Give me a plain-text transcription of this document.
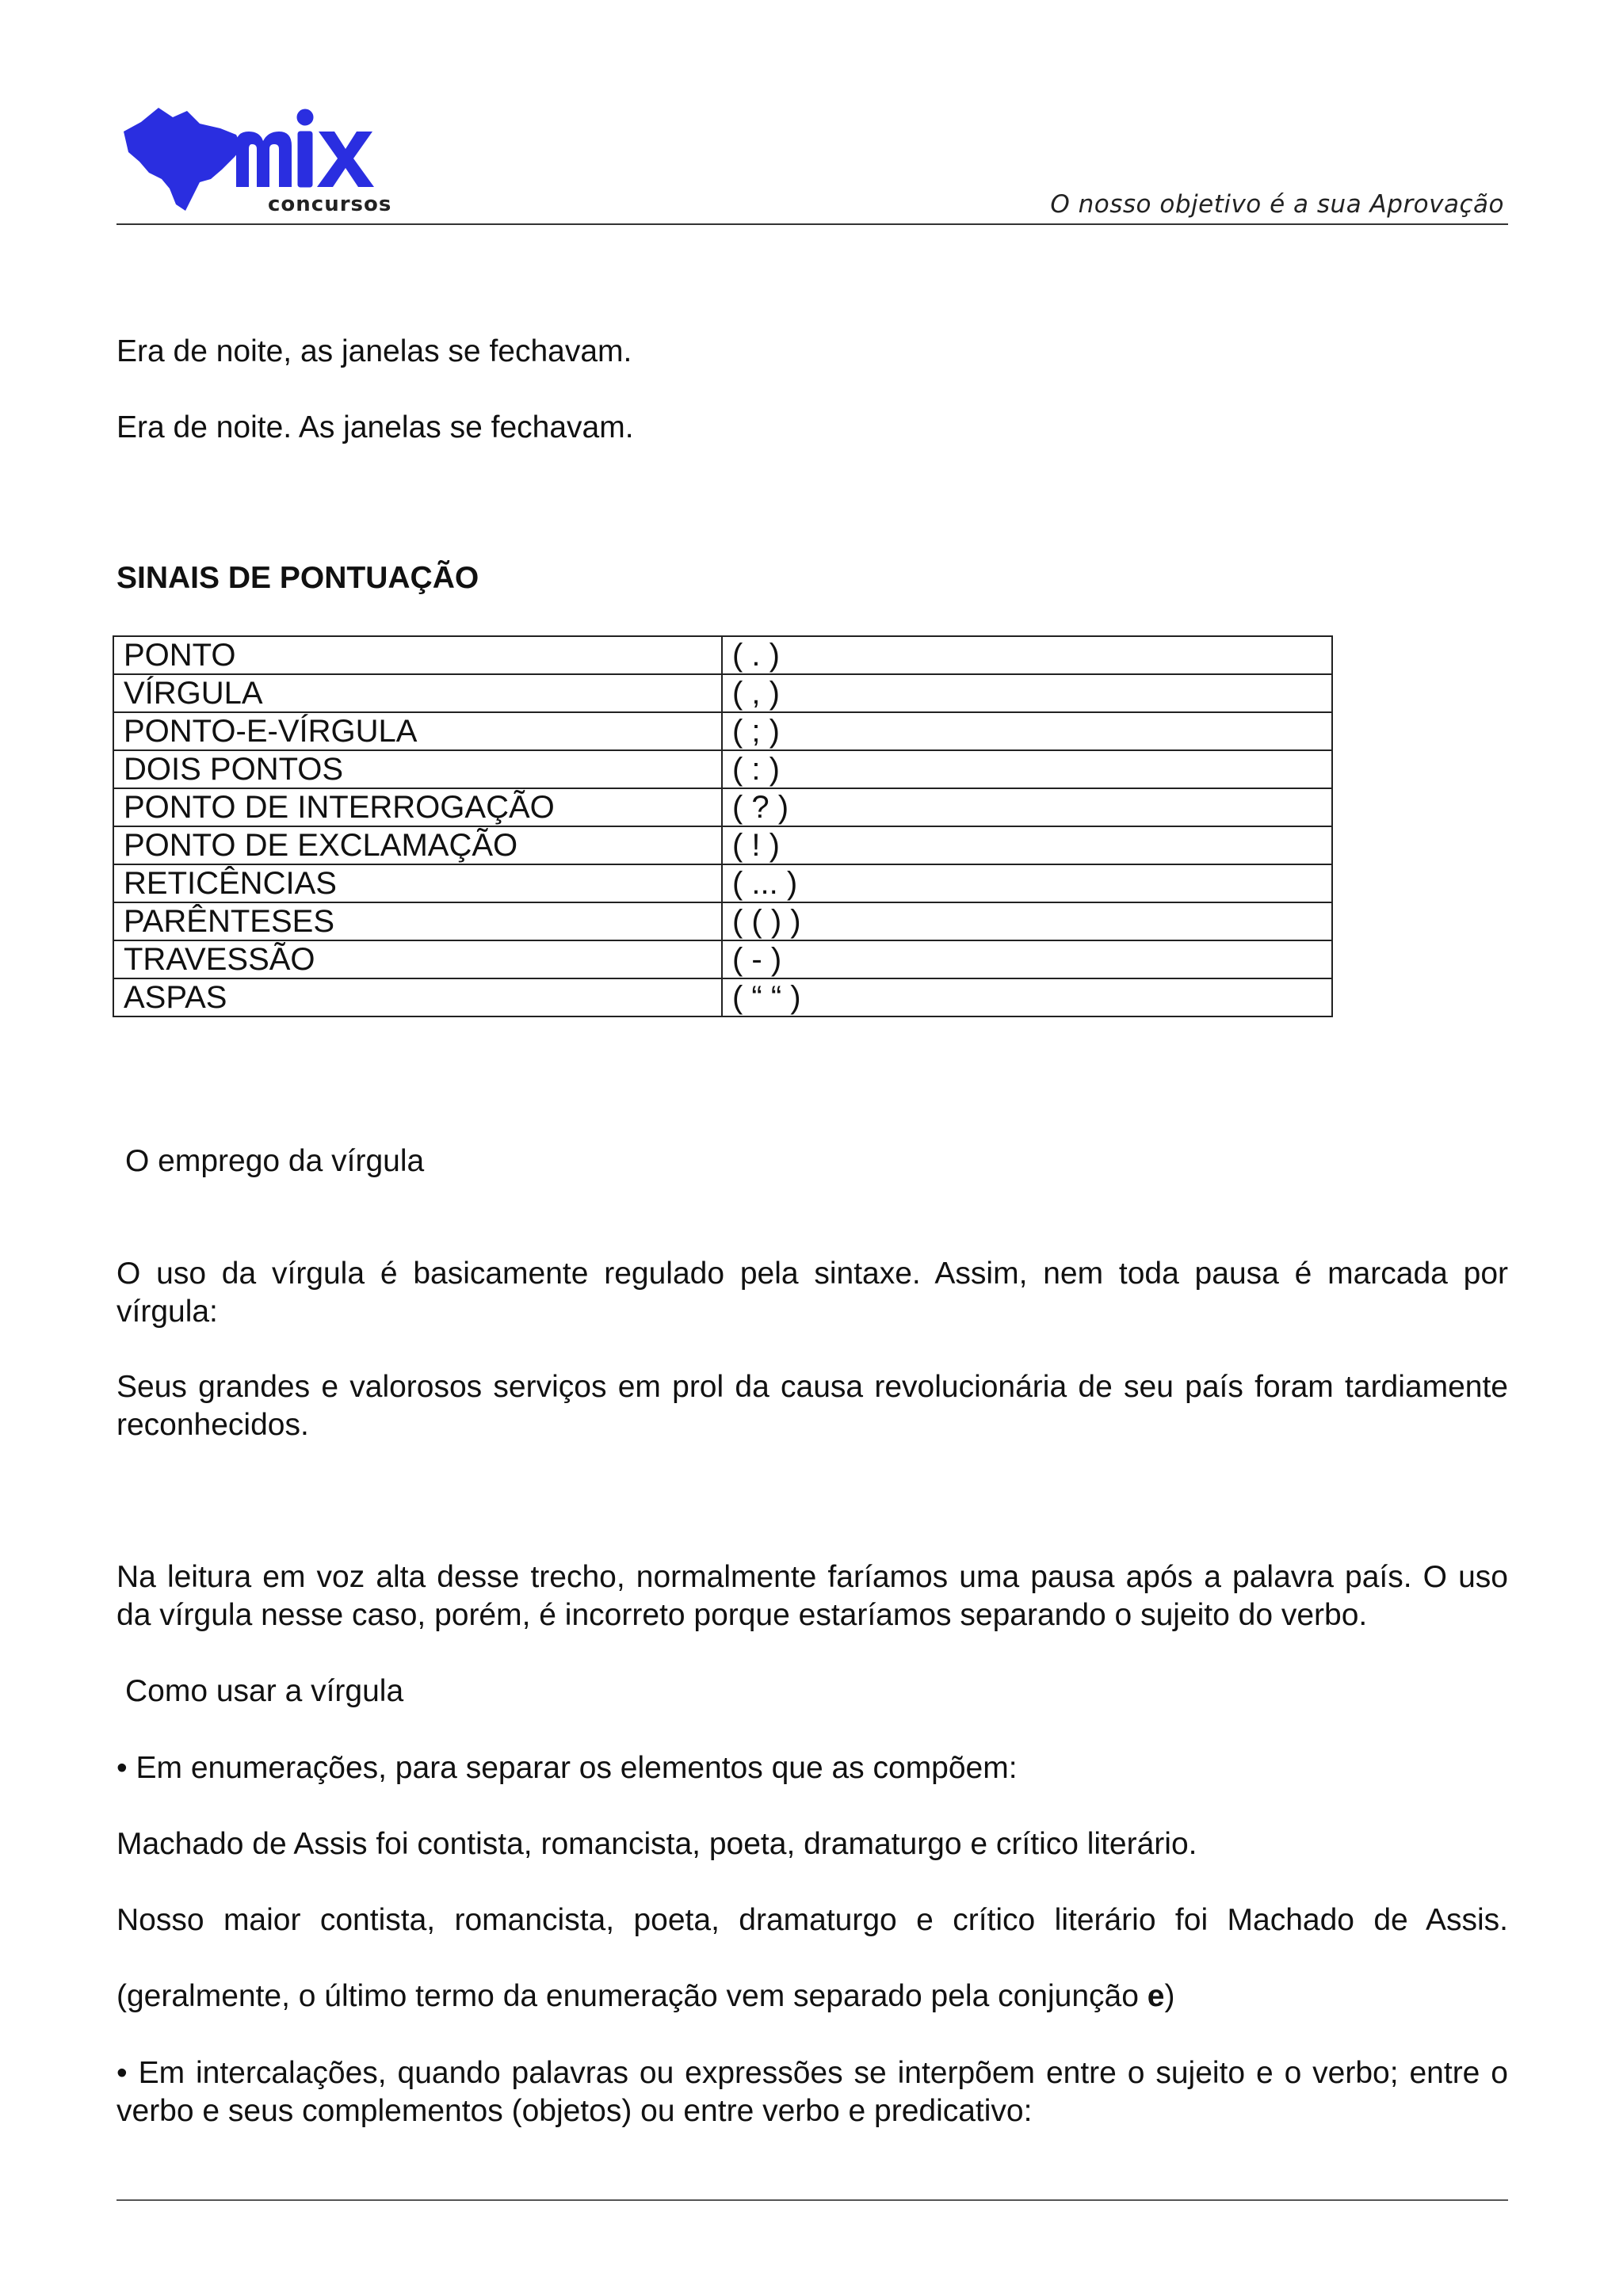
concursos	O nosso objetivo é a sua Aprovação

Era de noite, as janelas se fechavam.

Era de noite. As janelas se fechavam.

SINAIS DE PONTUAÇÃO

PONTO	( . )
VÍRGULA	( , )
PONTO-E-VÍRGULA	( ; )
DOIS PONTOS	( : )
PONTO DE INTERROGAÇÃO	( ? )
PONTO DE EXCLAMAÇÃO	( ! )
RETICÊNCIAS	( ... )
PARÊNTESES	( ( ) )
TRAVESSÃO	( - )
ASPAS	( “ “ )

O emprego da vírgula

O uso da vírgula é basicamente regulado pela sintaxe. Assim, nem toda pausa é marcada por vírgula:

Seus grandes e valorosos serviços em prol da causa revolucionária de seu país foram tardiamente reconhecidos.

Na leitura em voz alta desse trecho, normalmente faríamos uma pausa após a palavra país. O uso da vírgula nesse caso, porém, é incorreto porque estaríamos separando o sujeito do verbo.

Como usar a vírgula

• Em enumerações, para separar os elementos que as compõem:

Machado de Assis foi contista, romancista, poeta, dramaturgo e crítico literário.

Nosso maior contista, romancista, poeta, dramaturgo e crítico literário foi Machado de Assis.

(geralmente, o último termo da enumeração vem separado pela conjunção e)

• Em intercalações, quando palavras ou expressões se interpõem entre o sujeito e o verbo; entre o verbo e seus complementos (objetos) ou entre verbo e predicativo:
